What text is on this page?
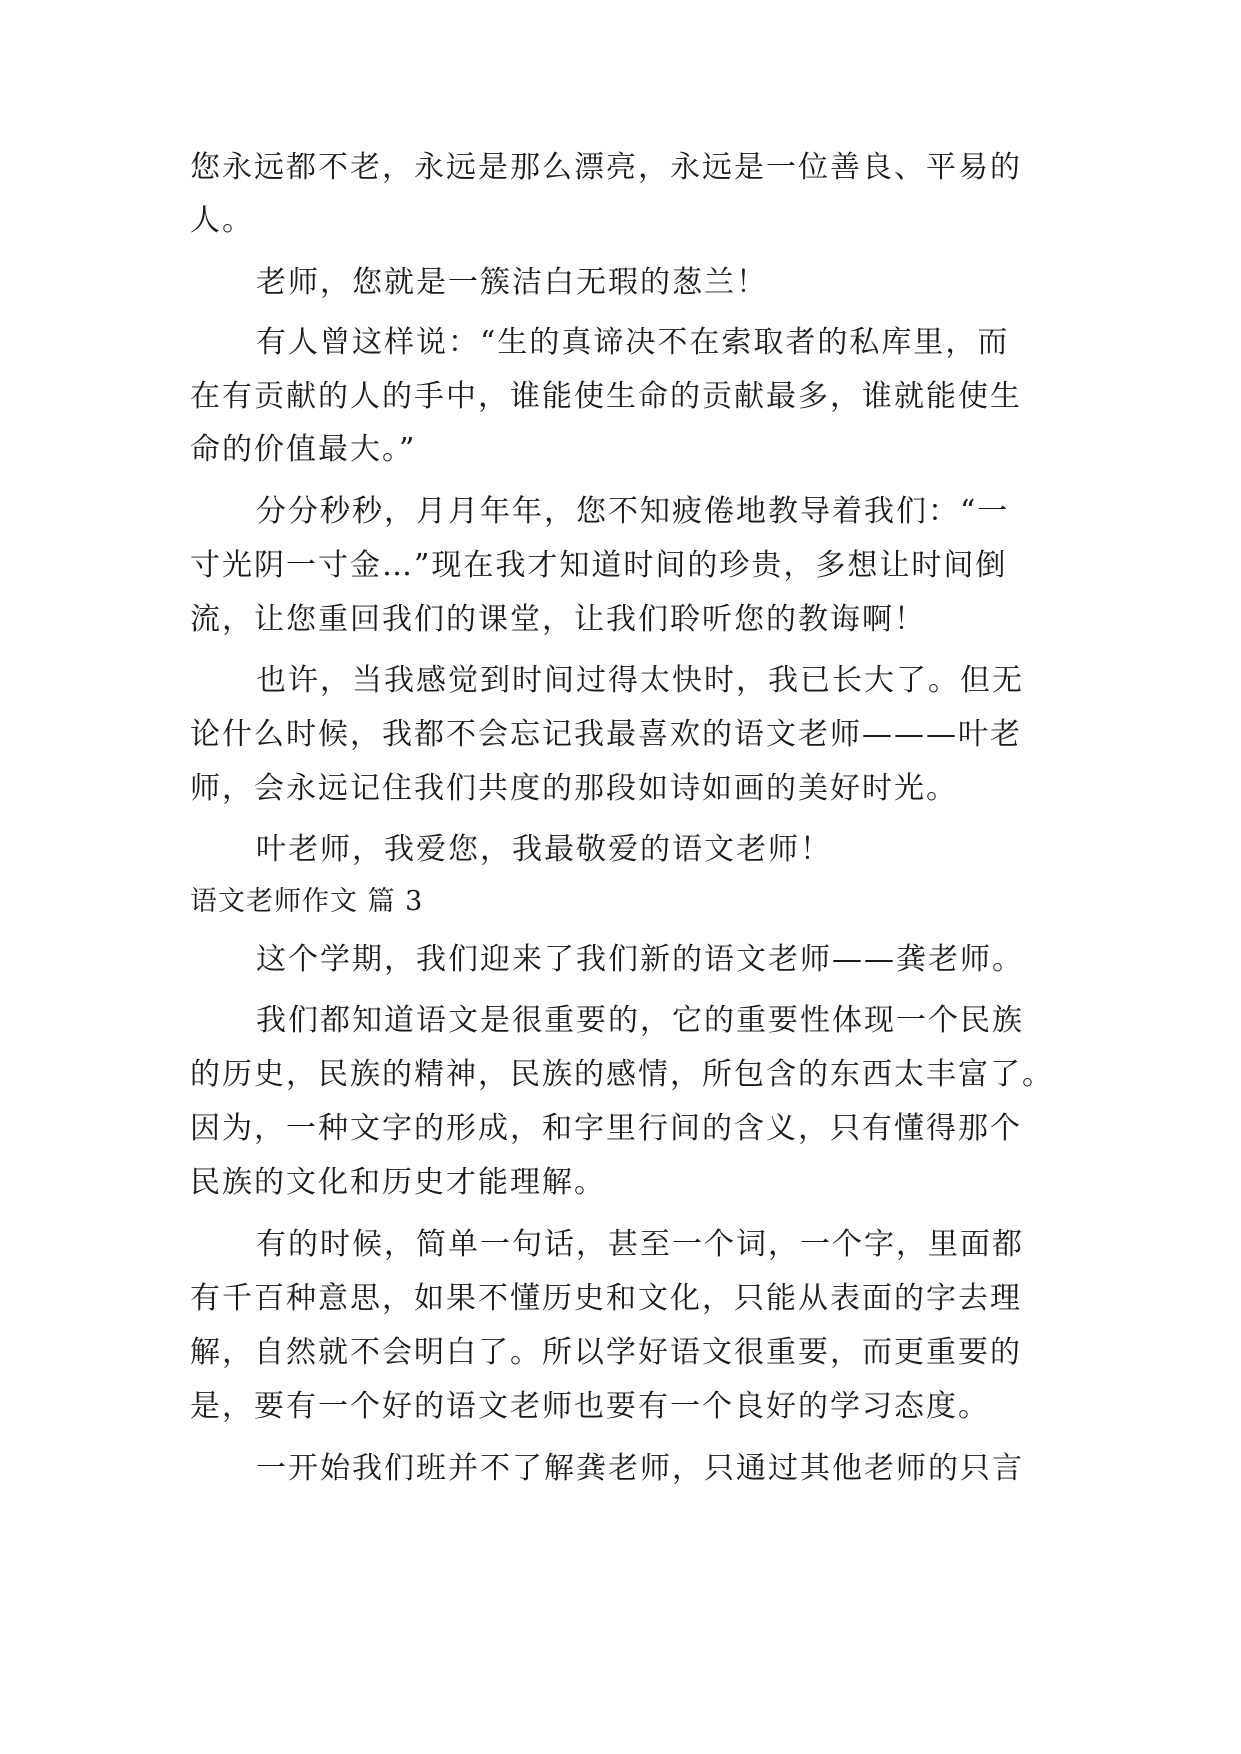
您永远都不老，永远是那么漂亮，永远是一位善良、平易的

人。

老师，您就是一簇洁白无瑕的葱兰！

有人曾这样说：“生的真谛决不在索取者的私库里，而

在有贡献的人的手中，谁能使生命的贡献最多，谁就能使生

命的价值最大。”

分分秒秒，月月年年，您不知疲倦地教导着我们：“一

寸光阴一寸金…”现在我才知道时间的珍贵，多想让时间倒

流，让您重回我们的课堂，让我们聆听您的教诲啊！

也许，当我感觉到时间过得太快时，我已长大了。但无

论什么时候，我都不会忘记我最喜欢的语文老师———叶老

师，会永远记住我们共度的那段如诗如画的美好时光。

叶老师，我爱您，我最敬爱的语文老师！

语文老师作文 篇 3

这个学期，我们迎来了我们新的语文老师——龚老师。

我们都知道语文是很重要的，它的重要性体现一个民族

的历史，民族的精神，民族的感情，所包含的东西太丰富了。

因为，一种文字的形成，和字里行间的含义，只有懂得那个

民族的文化和历史才能理解。

有的时候，简单一句话，甚至一个词，一个字，里面都

有千百种意思，如果不懂历史和文化，只能从表面的字去理

解，自然就不会明白了。所以学好语文很重要，而更重要的

是，要有一个好的语文老师也要有一个良好的学习态度。

一开始我们班并不了解龚老师，只通过其他老师的只言
